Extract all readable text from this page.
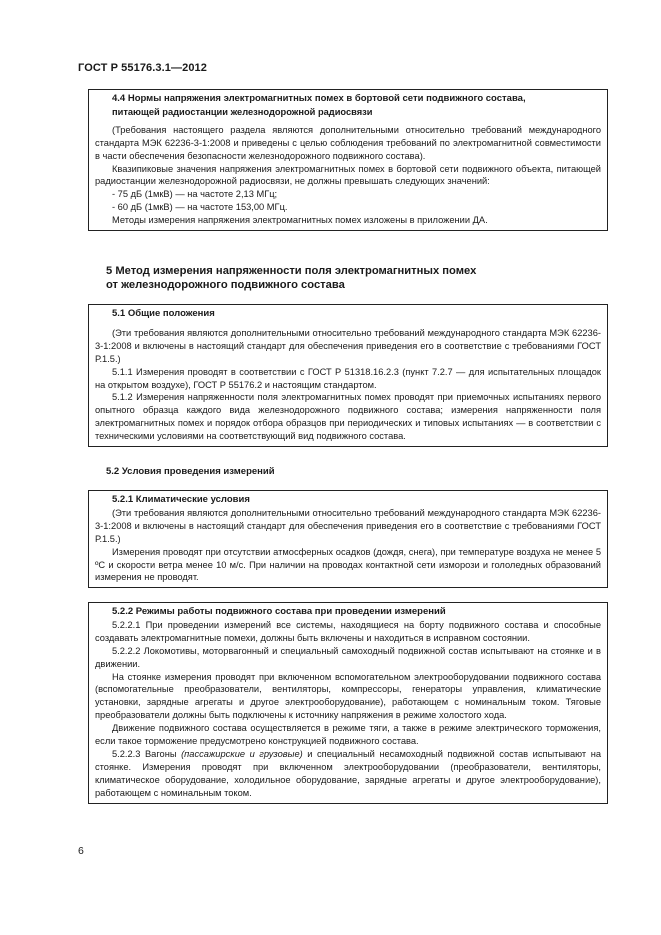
ГОСТ Р 55176.3.1—2012

4.4 Нормы напряжения электромагнитных помех в бортовой сети подвижного состава,

питающей радиостанции железнодорожной радиосвязи

(Требования настоящего раздела являются дополнительными относительно требований международного стандарта МЭК 62236-3-1:2008 и приведены с целью соблюдения требований по электромагнитной совместимости в части обеспечения безопасности железнодорожного подвижного состава).

Квазипиковые значения напряжения электромагнитных помех в бортовой сети подвижного объекта, питающей радиостанции железнодорожной радиосвязи, не должны превышать следующих значений:

- 75 дБ (1мкВ) — на частоте 2,13 МГц;

- 60 дБ (1мкВ) — на частоте 153,00 МГц.

Методы измерения напряжения электромагнитных помех изложены в приложении ДА.

5 Метод измерения напряженности поля электромагнитных помех
от железнодорожного подвижного состава

5.1 Общие положения

(Эти требования являются дополнительными относительно требований международного стандарта МЭК 62236-3-1:2008 и включены в настоящий стандарт для обеспечения приведения его в соответствие с требованиями ГОСТ Р.1.5.)

5.1.1 Измерения проводят в соответствии с ГОСТ Р 51318.16.2.3 (пункт 7.2.7 — для испытательных площадок на открытом воздухе), ГОСТ Р 55176.2 и настоящим стандартом.

5.1.2 Измерения напряженности поля электромагнитных помех проводят при приемочных испытаниях первого опытного образца каждого вида железнодорожного подвижного состава; измерения напряженности поля электромагнитных помех и порядок отбора образцов при периодических и типовых испытаниях — в соответствии с техническими условиями на соответствующий вид подвижного состава.

5.2 Условия проведения измерений

5.2.1 Климатические условия

(Эти требования являются дополнительными относительно требований международного стандарта МЭК 62236-3-1:2008 и включены в настоящий стандарт для обеспечения приведения его в соответствие с требованиями ГОСТ Р.1.5.)

Измерения проводят при отсутствии атмосферных осадков (дождя, снега), при температуре воздуха не менее 5 ºС и скорости ветра менее 10 м/с. При наличии на проводах контактной сети изморози и гололедных образований измерения не проводят.

5.2.2 Режимы работы подвижного состава при проведении измерений

5.2.2.1 При проведении измерений все системы, находящиеся на борту подвижного состава и способные создавать электромагнитные помехи, должны быть включены и находиться в исправном состоянии.

5.2.2.2 Локомотивы, моторвагонный и специальный самоходный подвижной состав испытывают на стоянке и в движении.

На стоянке измерения проводят при включенном вспомогательном электрооборудовании подвижного состава (вспомогательные преобразователи, вентиляторы, компрессоры, генераторы управления, климатические установки, зарядные агрегаты и другое электрооборудование), работающем с номинальным током. Тяговые преобразователи должны быть подключены к источнику напряжения в режиме холостого хода.

Движение подвижного состава осуществляется в режиме тяги, а также в режиме электрического торможения, если такое торможение предусмотрено конструкцией подвижного состава.

5.2.2.3 Вагоны (пассажирские и грузовые) и специальный несамоходный подвижной состав испытывают на стоянке. Измерения проводят при включенном электрооборудовании (преобразователи, вентиляторы, климатическое оборудование, холодильное оборудование, зарядные агрегаты и другое электрооборудование), работающем с номинальным током.

6
